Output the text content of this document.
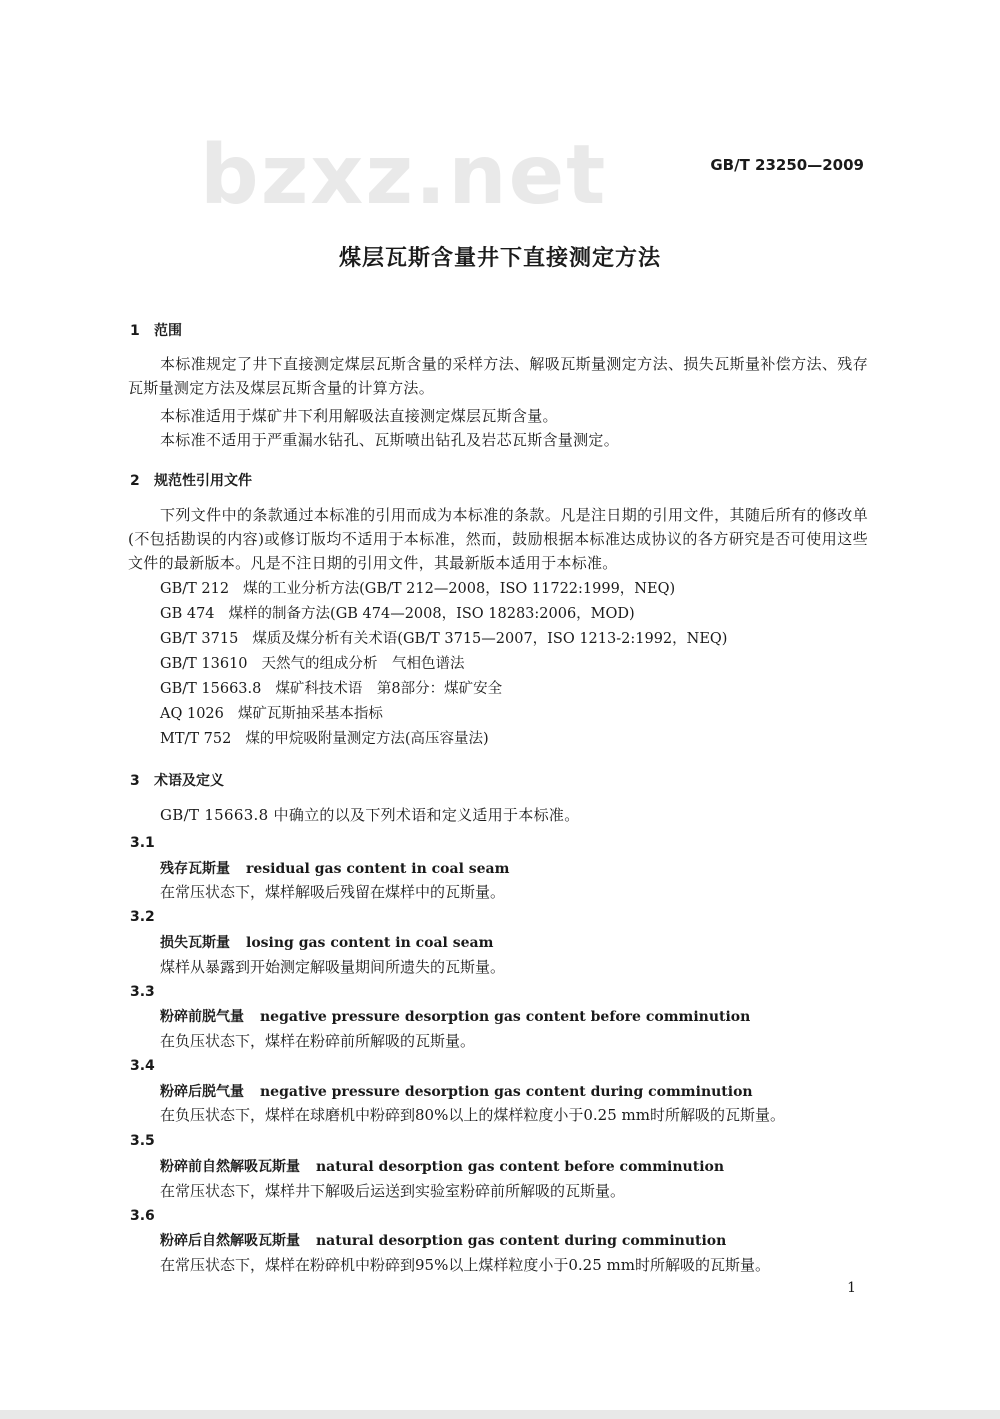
bzxz.net	GB/T 23250—2009
煤层瓦斯含量井下直接测定方法
1 范围
本标准规定了井下直接测定煤层瓦斯含量的采样方法、解吸瓦斯量测定方法、损失瓦斯量补偿方法、残存瓦斯量测定方法及煤层瓦斯含量的计算方法。
本标准适用于煤矿井下利用解吸法直接测定煤层瓦斯含量。
本标准不适用于严重漏水钻孔、瓦斯喷出钻孔及岩芯瓦斯含量测定。
2 规范性引用文件
下列文件中的条款通过本标准的引用而成为本标准的条款。凡是注日期的引用文件，其随后所有的修改单(不包括勘误的内容)或修订版均不适用于本标准，然而，鼓励根据本标准达成协议的各方研究是否可使用这些文件的最新版本。凡是不注日期的引用文件，其最新版本适用于本标准。
GB/T 212 煤的工业分析方法(GB/T 212—2008，ISO 11722:1999，NEQ)
GB 474 煤样的制备方法(GB 474—2008，ISO 18283:2006，MOD)
GB/T 3715 煤质及煤分析有关术语(GB/T 3715—2007，ISO 1213-2:1992，NEQ)
GB/T 13610 天然气的组成分析　气相色谱法
GB/T 15663.8 煤矿科技术语　第8部分：煤矿安全
AQ 1026 煤矿瓦斯抽采基本指标
MT/T 752 煤的甲烷吸附量测定方法(高压容量法)
3 术语及定义
GB/T 15663.8 中确立的以及下列术语和定义适用于本标准。
3.1
残存瓦斯量 residual gas content in coal seam
在常压状态下，煤样解吸后残留在煤样中的瓦斯量。
3.2
损失瓦斯量 losing gas content in coal seam
煤样从暴露到开始测定解吸量期间所遗失的瓦斯量。
3.3
粉碎前脱气量 negative pressure desorption gas content before comminution
在负压状态下，煤样在粉碎前所解吸的瓦斯量。
3.4
粉碎后脱气量 negative pressure desorption gas content during comminution
在负压状态下，煤样在球磨机中粉碎到80%以上的煤样粒度小于0.25 mm时所解吸的瓦斯量。
3.5
粉碎前自然解吸瓦斯量 natural desorption gas content before comminution
在常压状态下，煤样井下解吸后运送到实验室粉碎前所解吸的瓦斯量。
3.6
粉碎后自然解吸瓦斯量 natural desorption gas content during comminution
在常压状态下，煤样在粉碎机中粉碎到95%以上煤样粒度小于0.25 mm时所解吸的瓦斯量。
1
